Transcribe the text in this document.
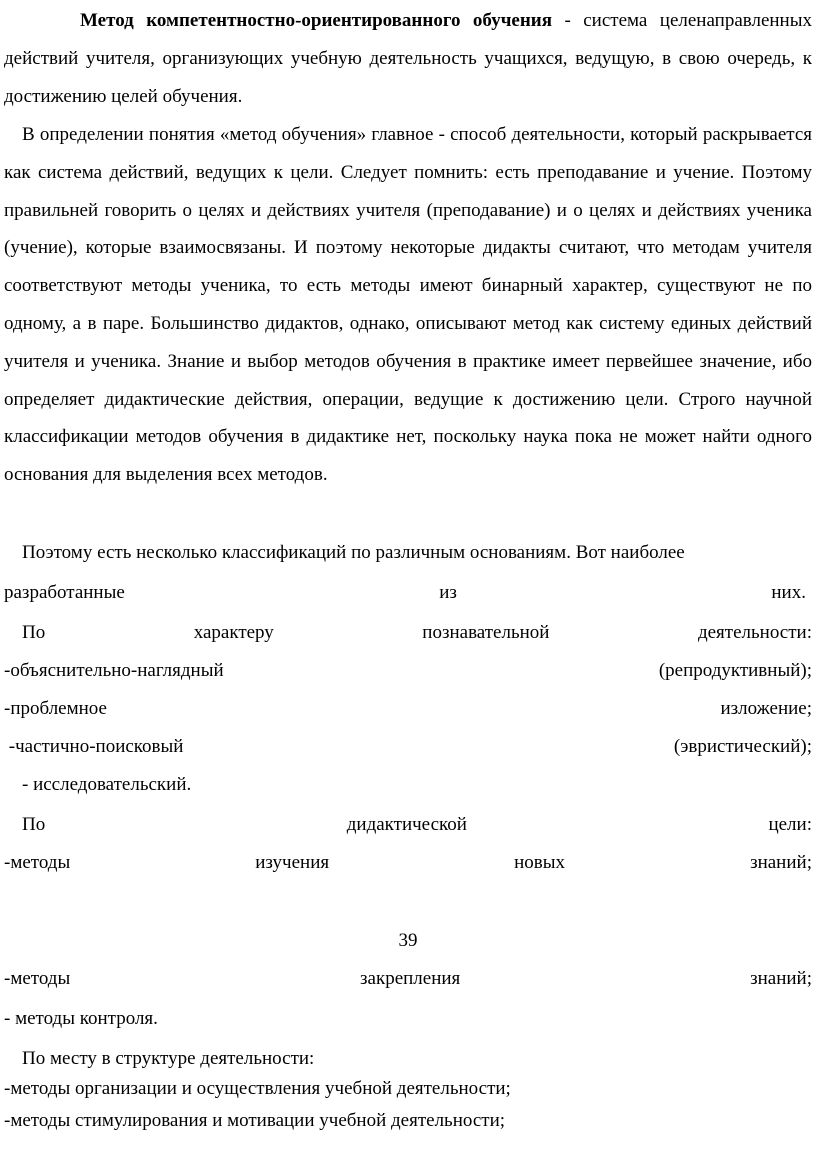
Метод компетентностно-ориентированного обучения - система целенаправленных действий учителя, организующих учебную деятельность учащихся, ведущую, в свою очередь, к достижению целей обучения.

В определении понятия «метод обучения» главное - способ деятельности, который раскрывается как система действий, ведущих к цели. Следует помнить: есть преподавание и учение. Поэтому правильней говорить о целях и действиях учителя (преподавание) и о целях и действиях ученика (учение), которые взаимосвязаны. И поэтому некоторые дидакты считают, что методам учителя соответствуют методы ученика, то есть методы имеют бинарный характер, существуют не по одному, а в паре. Большинство дидактов, однако, описывают метод как систему единых действий учителя и ученика. Знание и выбор методов обучения в практике имеет первейшее значение, ибо определяет дидактические действия, операции, ведущие к достижению цели. Строго научной классификации методов обучения в дидактике нет, поскольку наука пока не может найти одного основания для выделения всех методов.

Поэтому есть несколько классификаций по различным основаниям. Вот наиболее
разработанные	из	них.
По	характеру	познавательной	деятельности:
-объяснительно-наглядный	(репродуктивный);
-проблемное	изложение;
-частично-поисковый	(эвристический);
- исследовательский.
По	дидактической	цели:
-методы	изучения	новых	знаний;
39
-методы	закрепления	знаний;
- методы контроля.
По месту в структуре деятельности:
-методы организации и осуществления учебной деятельности;
-методы стимулирования и мотивации учебной деятельности;
